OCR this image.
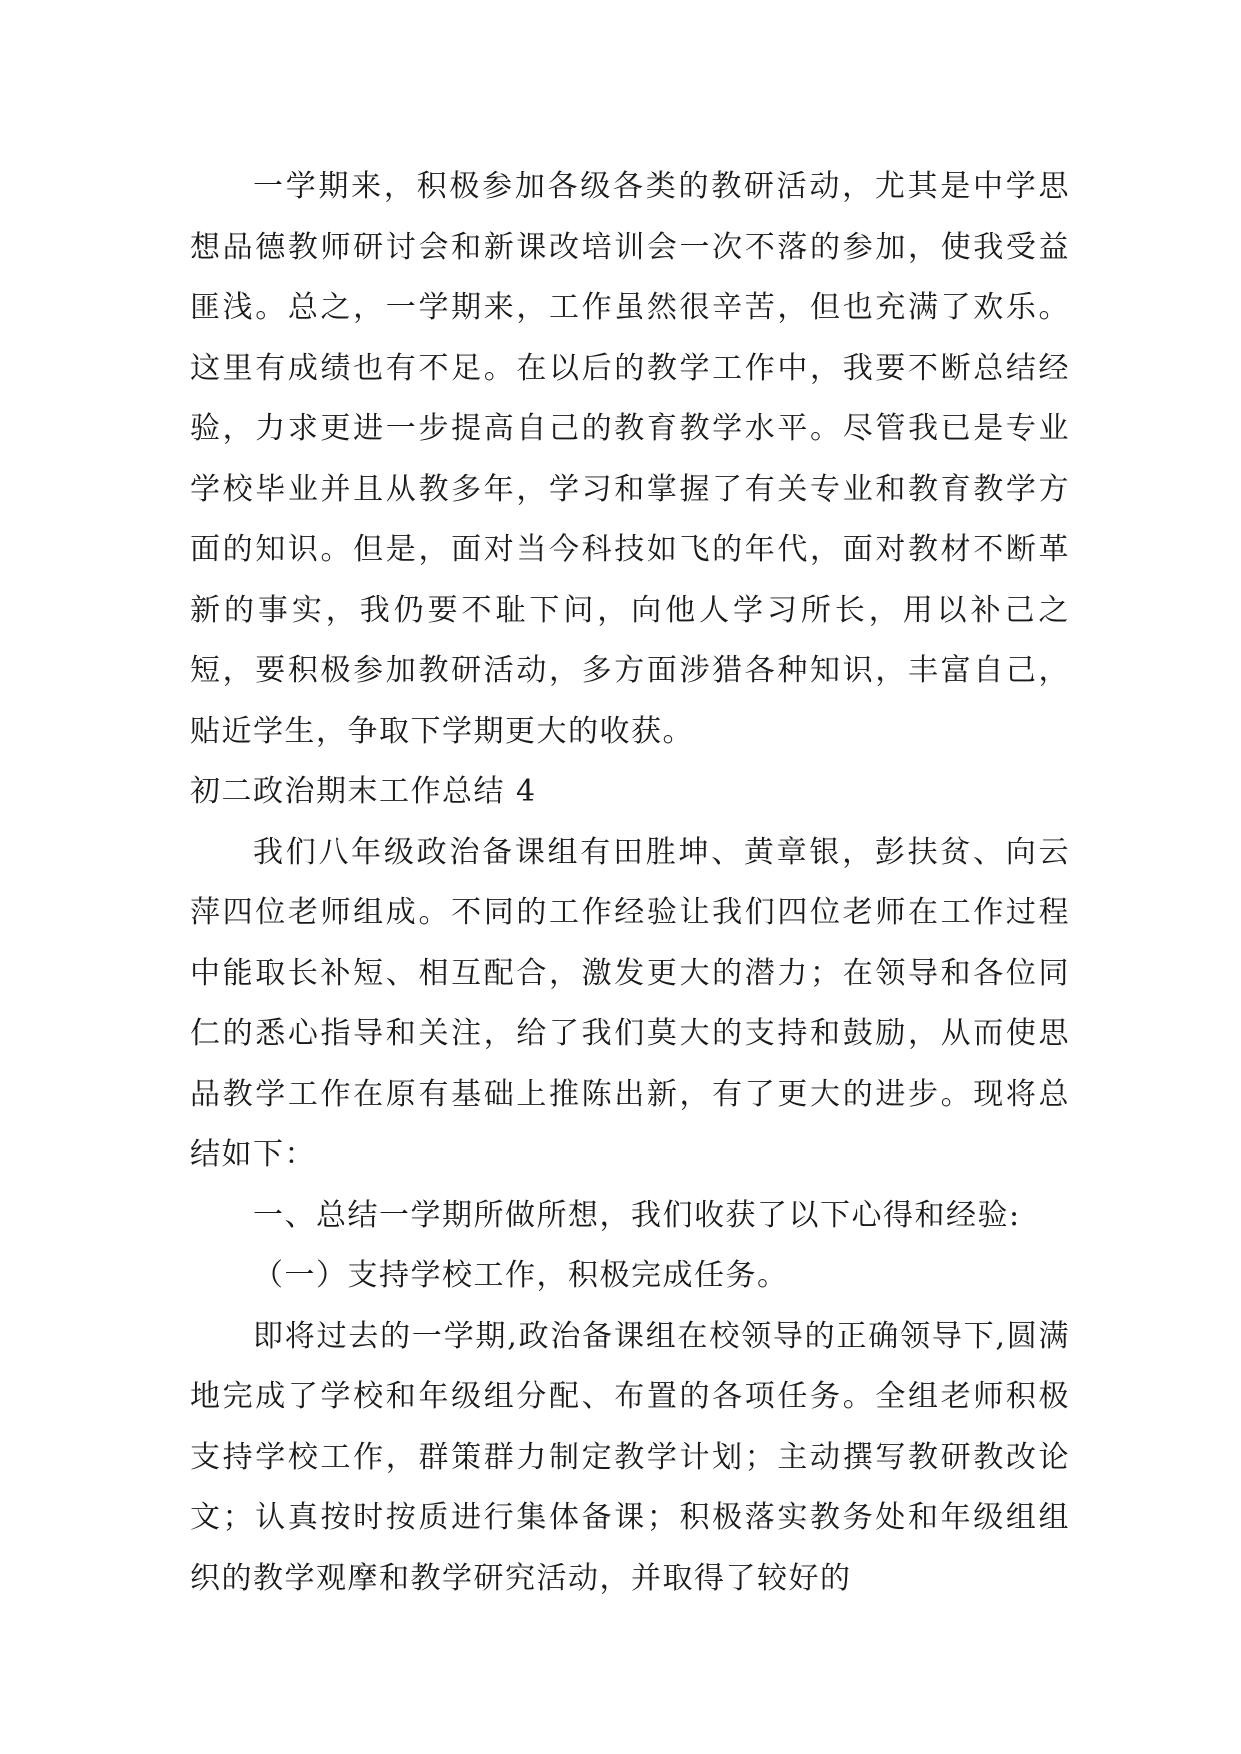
一学期来，积极参加各级各类的教研活动，尤其是中学思想品德教师研讨会和新课改培训会一次不落的参加，使我受益匪浅。总之，一学期来，工作虽然很辛苦，但也充满了欢乐。这里有成绩也有不足。在以后的教学工作中，我要不断总结经验，力求更进一步提高自己的教育教学水平。尽管我已是专业学校毕业并且从教多年，学习和掌握了有关专业和教育教学方面的知识。但是，面对当今科技如飞的年代，面对教材不断革新的事实，我仍要不耻下问，向他人学习所长，用以补己之短，要积极参加教研活动，多方面涉猎各种知识，丰富自己，贴近学生，争取下学期更大的收获。

初二政治期末工作总结 4

我们八年级政治备课组有田胜坤、黄章银，彭扶贫、向云萍四位老师组成。不同的工作经验让我们四位老师在工作过程中能取长补短、相互配合，激发更大的潜力；在领导和各位同仁的悉心指导和关注，给了我们莫大的支持和鼓励，从而使思品教学工作在原有基础上推陈出新，有了更大的进步。现将总结如下：

一、总结一学期所做所想，我们收获了以下心得和经验:

（一）支持学校工作，积极完成任务。

即将过去的一学期,政治备课组在校领导的正确领导下,圆满地完成了学校和年级组分配、布置的各项任务。全组老师积极支持学校工作，群策群力制定教学计划；主动撰写教研教改论文；认真按时按质进行集体备课；积极落实教务处和年级组组织的教学观摩和教学研究活动，并取得了较好的
